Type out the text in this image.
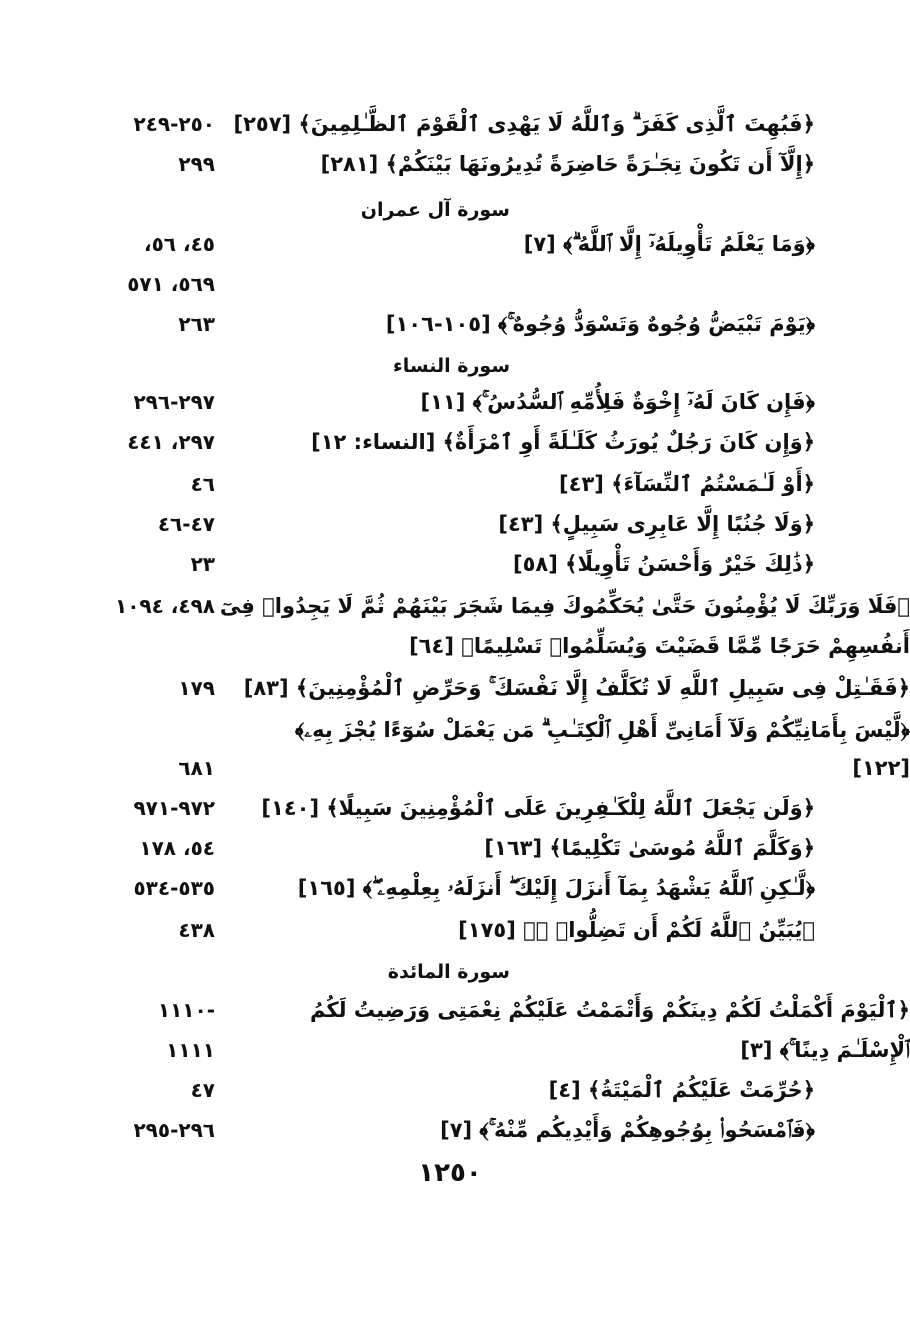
﴿فَبُهِتَ ٱلَّذِى كَفَرَ ۗ وَٱللَّهُ لَا يَهْدِى ٱلْقَوْمَ ٱلظَّـٰلِمِينَ﴾ [٢٥٧]
٢٥٠-٢٤٩
﴿إِلَّآ أَن تَكُونَ تِجَـٰرَةً حَاضِرَةً تُدِيرُونَهَا بَيْنَكُمْ﴾ [٢٨١]
٢٩٩
سورة آل عمران
﴿وَمَا يَعْلَمُ تَأْوِيلَهُۥٓ إِلَّا ٱللَّهُ ۗ﴾ [٧]
٤٥، ٥٦،
٥٦٩، ٥٧١
﴿يَوْمَ تَبْيَضُّ وُجُوهٌ وَتَسْوَدُّ وُجُوهٌ ۚ﴾ [١٠٥-١٠٦]
٢٦٣
سورة النساء
﴿فَإِن كَانَ لَهُۥٓ إِخْوَةٌ فَلِأُمِّهِ ٱلسُّدُسُ ۚ﴾ [١١]
٢٩٧-٢٩٦
﴿وَإِن كَانَ رَجُلٌ يُورَثُ كَلَـٰلَةً أَوِ ٱمْرَأَةٌ﴾ [النساء: ١٢]
٢٩٧، ٤٤١
﴿أَوْ لَـٰمَسْتُمُ ٱلنِّسَآءَ﴾ [٤٣]
٤٦
﴿وَلَا جُنُبًا إِلَّا عَابِرِى سَبِيلٍ﴾ [٤٣]
٤٧-٤٦
﴿ذَٰلِكَ خَيْرٌ وَأَحْسَنُ تَأْوِيلًا﴾ [٥٨]
٢٣
﴿فَلَا وَرَبِّكَ لَا يُؤْمِنُونَ حَتَّىٰ يُحَكِّمُوكَ فِيمَا شَجَرَ بَيْنَهُمْ ثُمَّ لَا يَجِدُوا۟ فِىٓ
٤٩٨، ١٠٩٤
أَنفُسِهِمْ حَرَجًا مِّمَّا قَضَيْتَ وَيُسَلِّمُوا۟ تَسْلِيمًا﴾ [٦٤]
﴿فَقَـٰتِلْ فِى سَبِيلِ ٱللَّهِ لَا تُكَلَّفُ إِلَّا نَفْسَكَ ۚ وَحَرِّضِ ٱلْمُؤْمِنِينَ﴾ [٨٣]
١٧٩
﴿لَّيْسَ بِأَمَانِيِّكُمْ وَلَآ أَمَانِىِّ أَهْلِ ٱلْكِتَـٰبِ ۗ مَن يَعْمَلْ سُوٓءًا يُجْزَ بِهِۦ﴾
[١٢٢]
٦٨١
﴿وَلَن يَجْعَلَ ٱللَّهُ لِلْكَـٰفِرِينَ عَلَى ٱلْمُؤْمِنِينَ سَبِيلًا﴾ [١٤٠]
٩٧٢-٩٧١
﴿وَكَلَّمَ ٱللَّهُ مُوسَىٰ تَكْلِيمًا﴾ [١٦٣]
٥٤، ١٧٨
﴿لَّـٰكِنِ ٱللَّهُ يَشْهَدُ بِمَآ أَنزَلَ إِلَيْكَ ۖ أَنزَلَهُۥ بِعِلْمِهِۦ ۖ﴾ [١٦٥]
٥٣٥-٥٣٤
﴿يُبَيِّنُ ٱللَّهُ لَكُمْ أَن تَضِلُّوا۟ ۗ﴾ [١٧٥]
٤٣٨
سورة المائدة
﴿ٱلْيَوْمَ أَكْمَلْتُ لَكُمْ دِينَكُمْ وَأَتْمَمْتُ عَلَيْكُمْ نِعْمَتِى وَرَضِيتُ لَكُمُ
-١١١٠
ٱلْإِسْلَـٰمَ دِينًا ۚ﴾ [٣]
١١١١
﴿حُرِّمَتْ عَلَيْكُمُ ٱلْمَيْتَةُ﴾ [٤]
٤٧
﴿فَٱمْسَحُوا۟ بِوُجُوهِكُمْ وَأَيْدِيكُم مِّنْهُ ۚ﴾ [٧]
٢٩٦-٢٩٥
١٢٥٠
